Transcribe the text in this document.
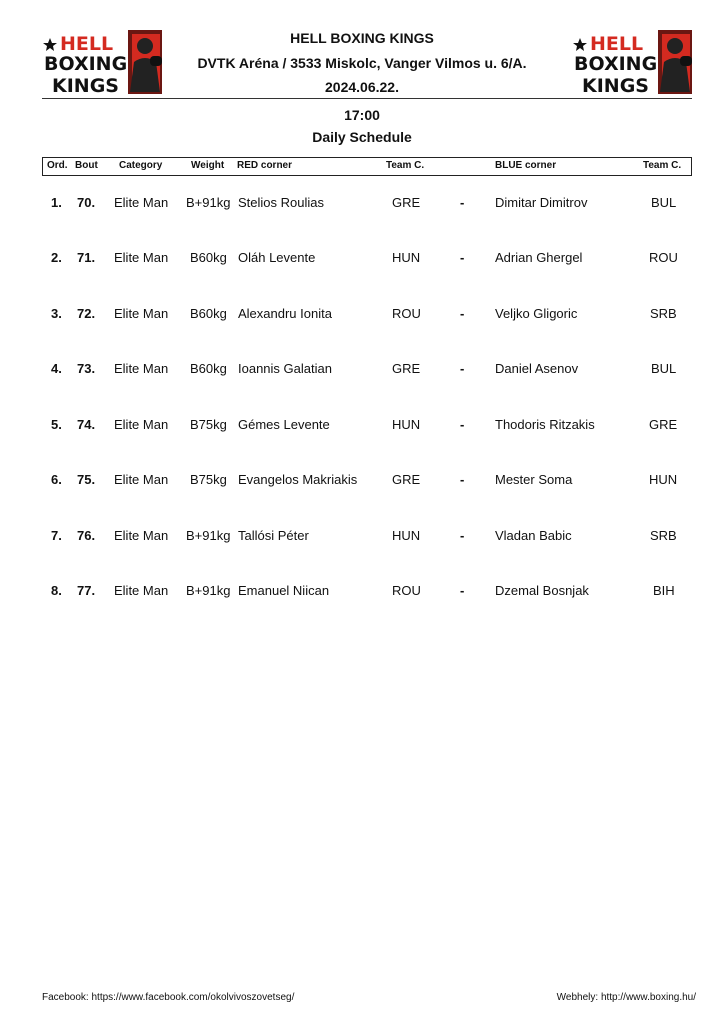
HELL
BOXING
KINGS
HELL
BOXING
KINGS
HELL BOXING KINGS
DVTK Aréna / 3533 Miskolc, Vanger Vilmos u. 6/A.
2024.06.22.
17:00
Daily Schedule
Ord. Bout Category	Weight RED corner	Team C.	BLUE corner	Team C.
1. 70. Elite Man B+91kg Stelios Roulias	GRE	- Dimitar Dimitrov	BUL
2. 71. Elite Man B60kg Oláh Levente	HUN	- Adrian Ghergel	ROU
3. 72. Elite Man B60kg Alexandru Ionita	ROU	- Veljko Gligoric	SRB
4. 73. Elite Man B60kg Ioannis Galatian	GRE	- Daniel Asenov	BUL
5. 74. Elite Man B75kg Gémes Levente	HUN	- Thodoris Ritzakis	GRE
6. 75. Elite Man B75kg Evangelos Makriakis	GRE	- Mester Soma	HUN
7. 76. Elite Man B+91kg Tallósi Péter	HUN	- Vladan Babic	SRB
8. 77. Elite Man B+91kg Emanuel Niican	ROU	- Dzemal Bosnjak	BIH
Facebook: https://www.facebook.com/okolvivoszovetseg/	Webhely: http://www.boxing.hu/
